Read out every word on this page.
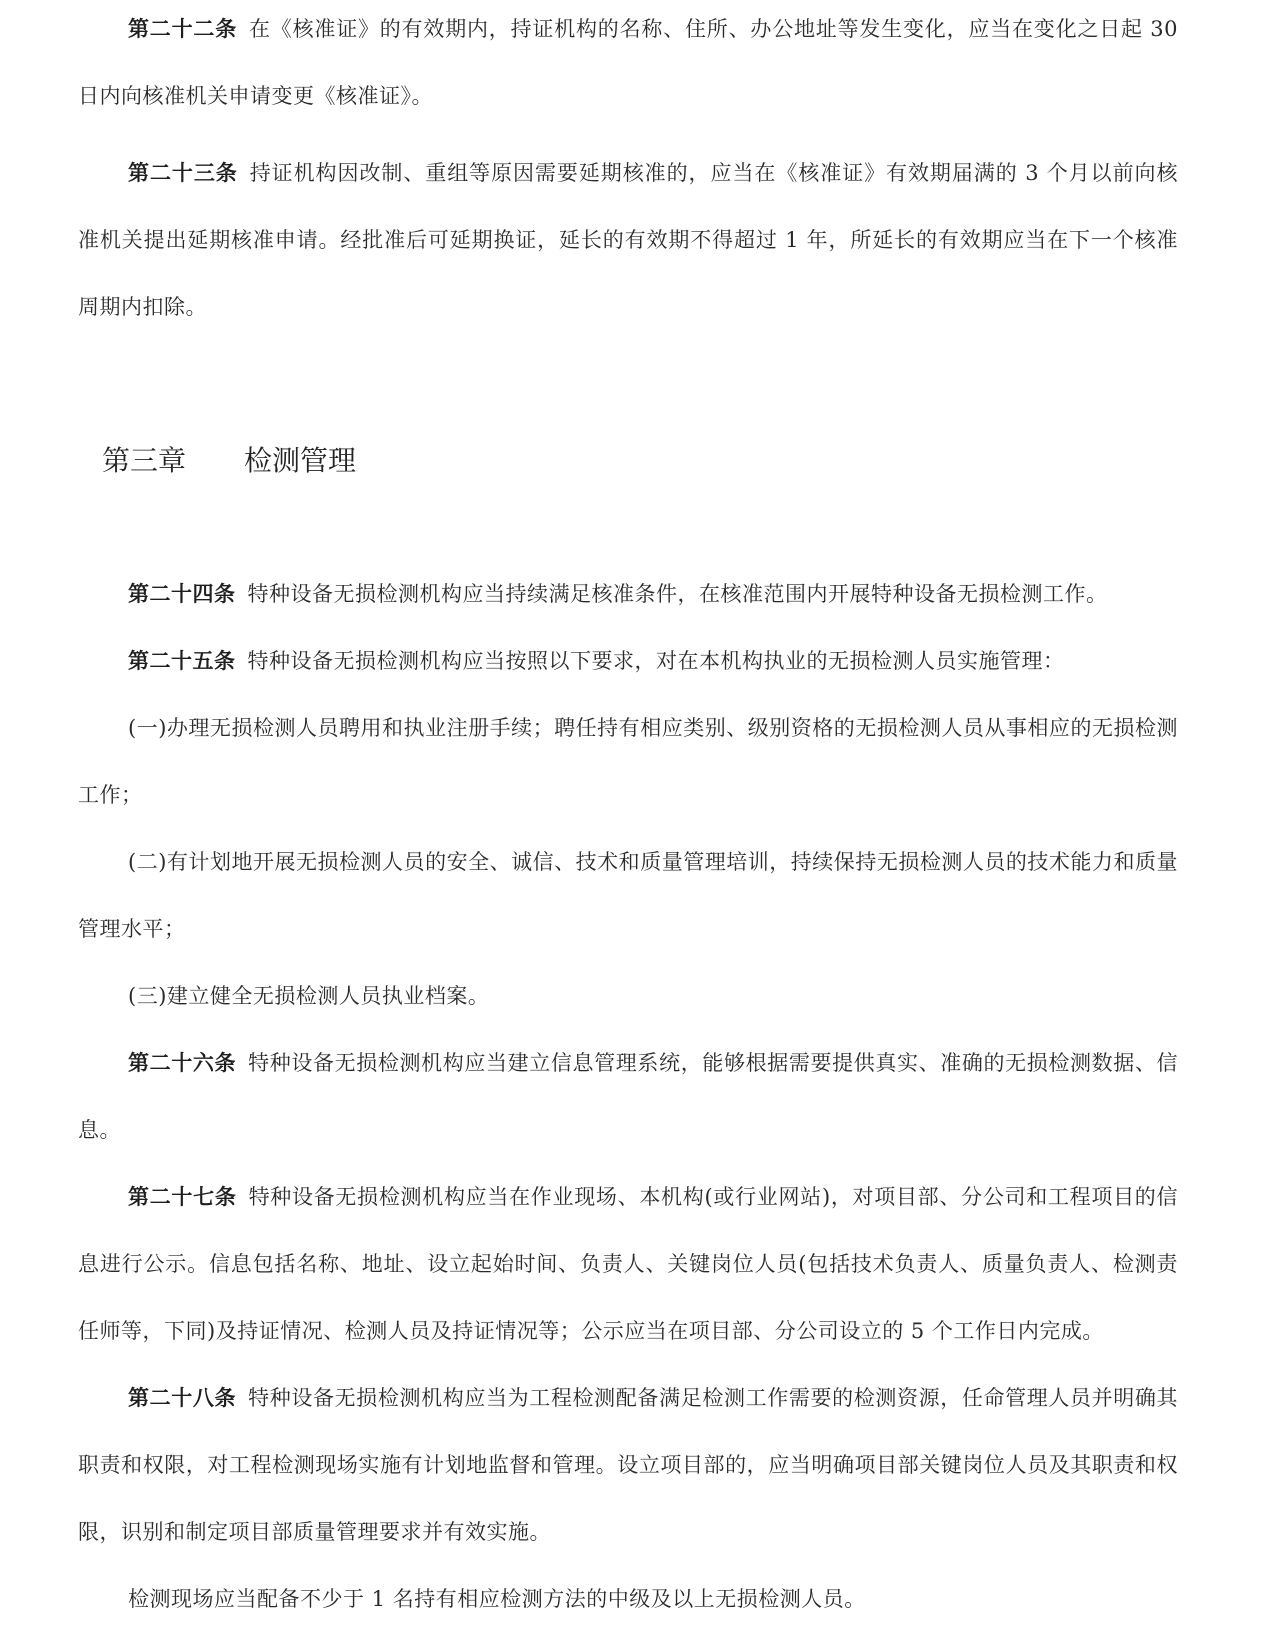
第二十二条 在《核准证》的有效期内，持证机构的名称、住所、办公地址等发生变化，应当在变化之日起 30 日内向核准机关申请变更《核准证》。

第二十三条 持证机构因改制、重组等原因需要延期核准的，应当在《核准证》有效期届满的 3 个月以前向核准机关提出延期核准申请。经批准后可延期换证，延长的有效期不得超过 1 年，所延长的有效期应当在下一个核准周期内扣除。

第三章 检测管理

第二十四条 特种设备无损检测机构应当持续满足核准条件，在核准范围内开展特种设备无损检测工作。

第二十五条 特种设备无损检测机构应当按照以下要求，对在本机构执业的无损检测人员实施管理：

(一)办理无损检测人员聘用和执业注册手续；聘任持有相应类别、级别资格的无损检测人员从事相应的无损检测工作；

(二)有计划地开展无损检测人员的安全、诚信、技术和质量管理培训，持续保持无损检测人员的技术能力和质量管理水平；

(三)建立健全无损检测人员执业档案。

第二十六条 特种设备无损检测机构应当建立信息管理系统，能够根据需要提供真实、准确的无损检测数据、信息。

第二十七条 特种设备无损检测机构应当在作业现场、本机构(或行业网站)，对项目部、分公司和工程项目的信息进行公示。信息包括名称、地址、设立起始时间、负责人、关键岗位人员(包括技术负责人、质量负责人、检测责任师等，下同)及持证情况、检测人员及持证情况等；公示应当在项目部、分公司设立的 5 个工作日内完成。

第二十八条 特种设备无损检测机构应当为工程检测配备满足检测工作需要的检测资源，任命管理人员并明确其职责和权限，对工程检测现场实施有计划地监督和管理。设立项目部的，应当明确项目部关键岗位人员及其职责和权限，识别和制定项目部质量管理要求并有效实施。

检测现场应当配备不少于 1 名持有相应检测方法的中级及以上无损检测人员。
